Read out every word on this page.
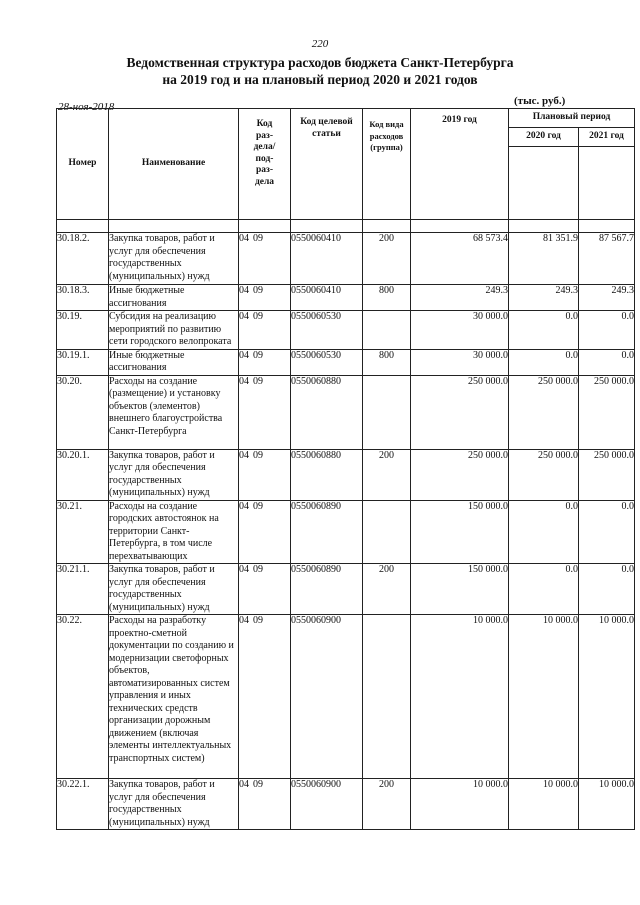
220
Ведомственная структура расходов бюджета Санкт-Петербурга
на 2019 год и на плановый период 2020 и 2021 годов
28-ноя-2018	(тыс. руб.)
Номер	Наименование	Код раз-дела/под-раз-дела	Код целевой статьи	Код вида расходов (группа)	2019 год	Плановый период	
						2020 год	2021 год

30.18.2.	Закупка товаров, работ и услуг для обеспечения государственных (муниципальных) нужд	04 09	0550060410	200	68 573.4	81 351.9	87 567.7
30.18.3.	Иные бюджетные ассигнования	04 09	0550060410	800	249.3	249.3	249.3
30.19.	Субсидия на реализацию мероприятий по развитию сети городского велопроката	04 09	0550060530		30 000.0	0.0	0.0
30.19.1.	Иные бюджетные ассигнования	04 09	0550060530	800	30 000.0	0.0	0.0
30.20.	Расходы на создание (размещение) и установку объектов (элементов) внешнего благоустройства Санкт-Петербурга	04 09	0550060880		250 000.0	250 000.0	250 000.0
30.20.1.	Закупка товаров, работ и услуг для обеспечения государственных (муниципальных) нужд	04 09	0550060880	200	250 000.0	250 000.0	250 000.0
30.21.	Расходы на создание городских автостоянок на территории Санкт-Петербурга, в том числе перехватывающих	04 09	0550060890		150 000.0	0.0	0.0
30.21.1.	Закупка товаров, работ и услуг для обеспечения государственных (муниципальных) нужд	04 09	0550060890	200	150 000.0	0.0	0.0
30.22.	Расходы на разработку проектно-сметной документации по созданию и модернизации светофорных объектов, автоматизированных систем управления и иных технических средств организации дорожным движением (включая элементы интеллектуальных транспортных систем)	04 09	0550060900		10 000.0	10 000.0	10 000.0
30.22.1.	Закупка товаров, работ и услуг для обеспечения государственных (муниципальных) нужд	04 09	0550060900	200	10 000.0	10 000.0	10 000.0
